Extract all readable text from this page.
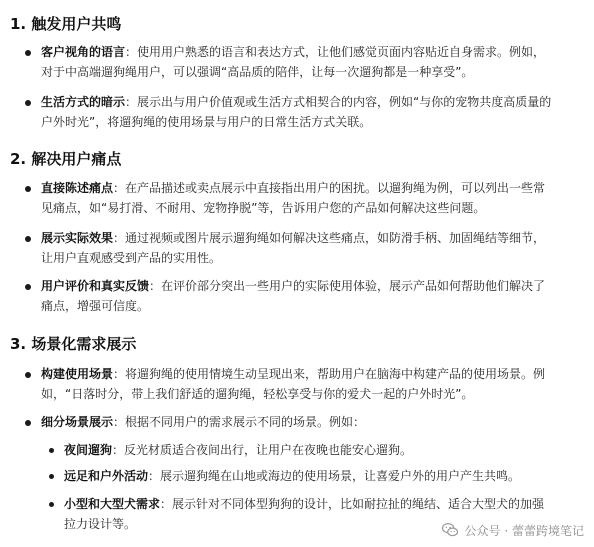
1. 触发用户共鸣
客户视角的语言：使用用户熟悉的语言和表达方式，让他们感觉页面内容贴近自身需求。例如，
对于中高端遛狗绳用户，可以强调“高品质的陪伴，让每一次遛狗都是一种享受”。
生活方式的暗示：展示出与用户价值观或生活方式相契合的内容，例如“与你的宠物共度高质量的
户外时光”，将遛狗绳的使用场景与用户的日常生活方式关联。
2. 解决用户痛点
直接陈述痛点：在产品描述或卖点展示中直接指出用户的困扰。以遛狗绳为例，可以列出一些常
见痛点，如“易打滑、不耐用、宠物挣脱”等，告诉用户您的产品如何解决这些问题。
展示实际效果：通过视频或图片展示遛狗绳如何解决这些痛点，如防滑手柄、加固绳结等细节，
让用户直观感受到产品的实用性。
用户评价和真实反馈：在评价部分突出一些用户的实际使用体验，展示产品如何帮助他们解决了
痛点，增强可信度。
3. 场景化需求展示
构建使用场景：将遛狗绳的使用情境生动呈现出来，帮助用户在脑海中构建产品的使用场景。例
如，“日落时分，带上我们舒适的遛狗绳，轻松享受与你的爱犬一起的户外时光”。
细分场景展示：根据不同用户的需求展示不同的场景。例如：
夜间遛狗：反光材质适合夜间出行，让用户在夜晚也能安心遛狗。
远足和户外活动：展示遛狗绳在山地或海边的使用场景，让喜爱户外的用户产生共鸣。
小型和大型犬需求：展示针对不同体型狗狗的设计，比如耐拉扯的绳结、适合大型犬的加强
拉力设计等。	公众号 · 蕾蕾跨境笔记
